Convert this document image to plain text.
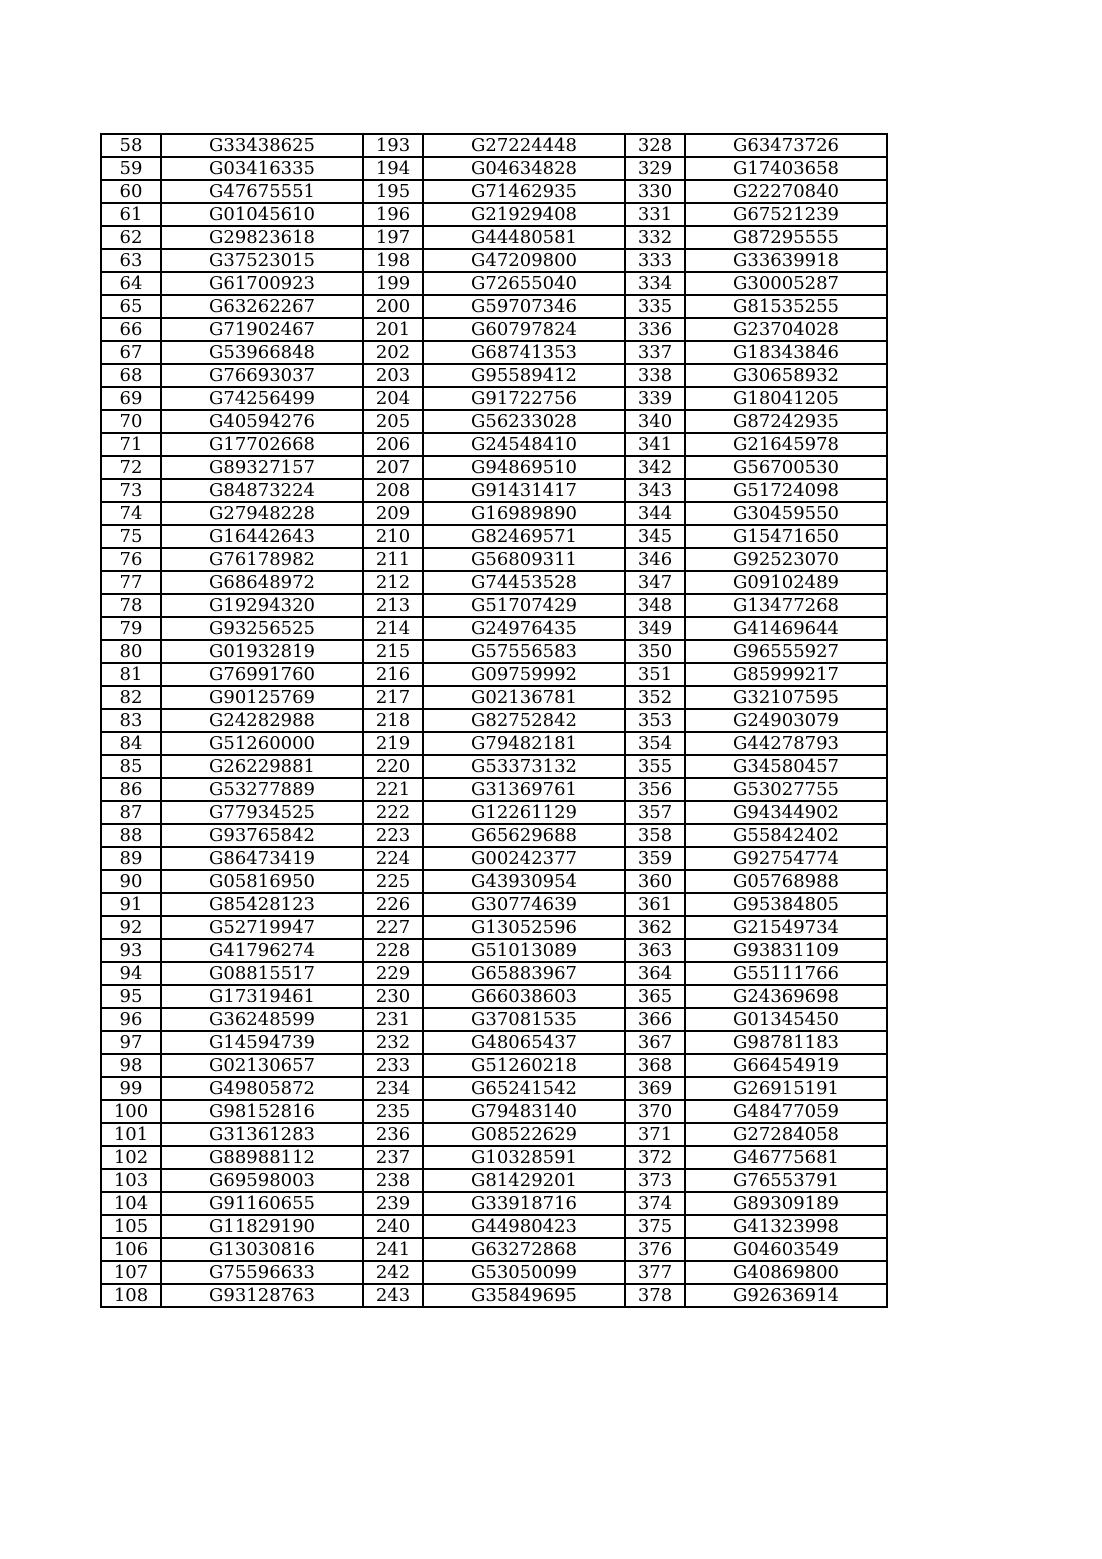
58	G33438625	193	G27224448	328	G63473726
59	G03416335	194	G04634828	329	G17403658
60	G47675551	195	G71462935	330	G22270840
61	G01045610	196	G21929408	331	G67521239
62	G29823618	197	G44480581	332	G87295555
63	G37523015	198	G47209800	333	G33639918
64	G61700923	199	G72655040	334	G30005287
65	G63262267	200	G59707346	335	G81535255
66	G71902467	201	G60797824	336	G23704028
67	G53966848	202	G68741353	337	G18343846
68	G76693037	203	G95589412	338	G30658932
69	G74256499	204	G91722756	339	G18041205
70	G40594276	205	G56233028	340	G87242935
71	G17702668	206	G24548410	341	G21645978
72	G89327157	207	G94869510	342	G56700530
73	G84873224	208	G91431417	343	G51724098
74	G27948228	209	G16989890	344	G30459550
75	G16442643	210	G82469571	345	G15471650
76	G76178982	211	G56809311	346	G92523070
77	G68648972	212	G74453528	347	G09102489
78	G19294320	213	G51707429	348	G13477268
79	G93256525	214	G24976435	349	G41469644
80	G01932819	215	G57556583	350	G96555927
81	G76991760	216	G09759992	351	G85999217
82	G90125769	217	G02136781	352	G32107595
83	G24282988	218	G82752842	353	G24903079
84	G51260000	219	G79482181	354	G44278793
85	G26229881	220	G53373132	355	G34580457
86	G53277889	221	G31369761	356	G53027755
87	G77934525	222	G12261129	357	G94344902
88	G93765842	223	G65629688	358	G55842402
89	G86473419	224	G00242377	359	G92754774
90	G05816950	225	G43930954	360	G05768988
91	G85428123	226	G30774639	361	G95384805
92	G52719947	227	G13052596	362	G21549734
93	G41796274	228	G51013089	363	G93831109
94	G08815517	229	G65883967	364	G55111766
95	G17319461	230	G66038603	365	G24369698
96	G36248599	231	G37081535	366	G01345450
97	G14594739	232	G48065437	367	G98781183
98	G02130657	233	G51260218	368	G66454919
99	G49805872	234	G65241542	369	G26915191
100	G98152816	235	G79483140	370	G48477059
101	G31361283	236	G08522629	371	G27284058
102	G88988112	237	G10328591	372	G46775681
103	G69598003	238	G81429201	373	G76553791
104	G91160655	239	G33918716	374	G89309189
105	G11829190	240	G44980423	375	G41323998
106	G13030816	241	G63272868	376	G04603549
107	G75596633	242	G53050099	377	G40869800
108	G93128763	243	G35849695	378	G92636914
